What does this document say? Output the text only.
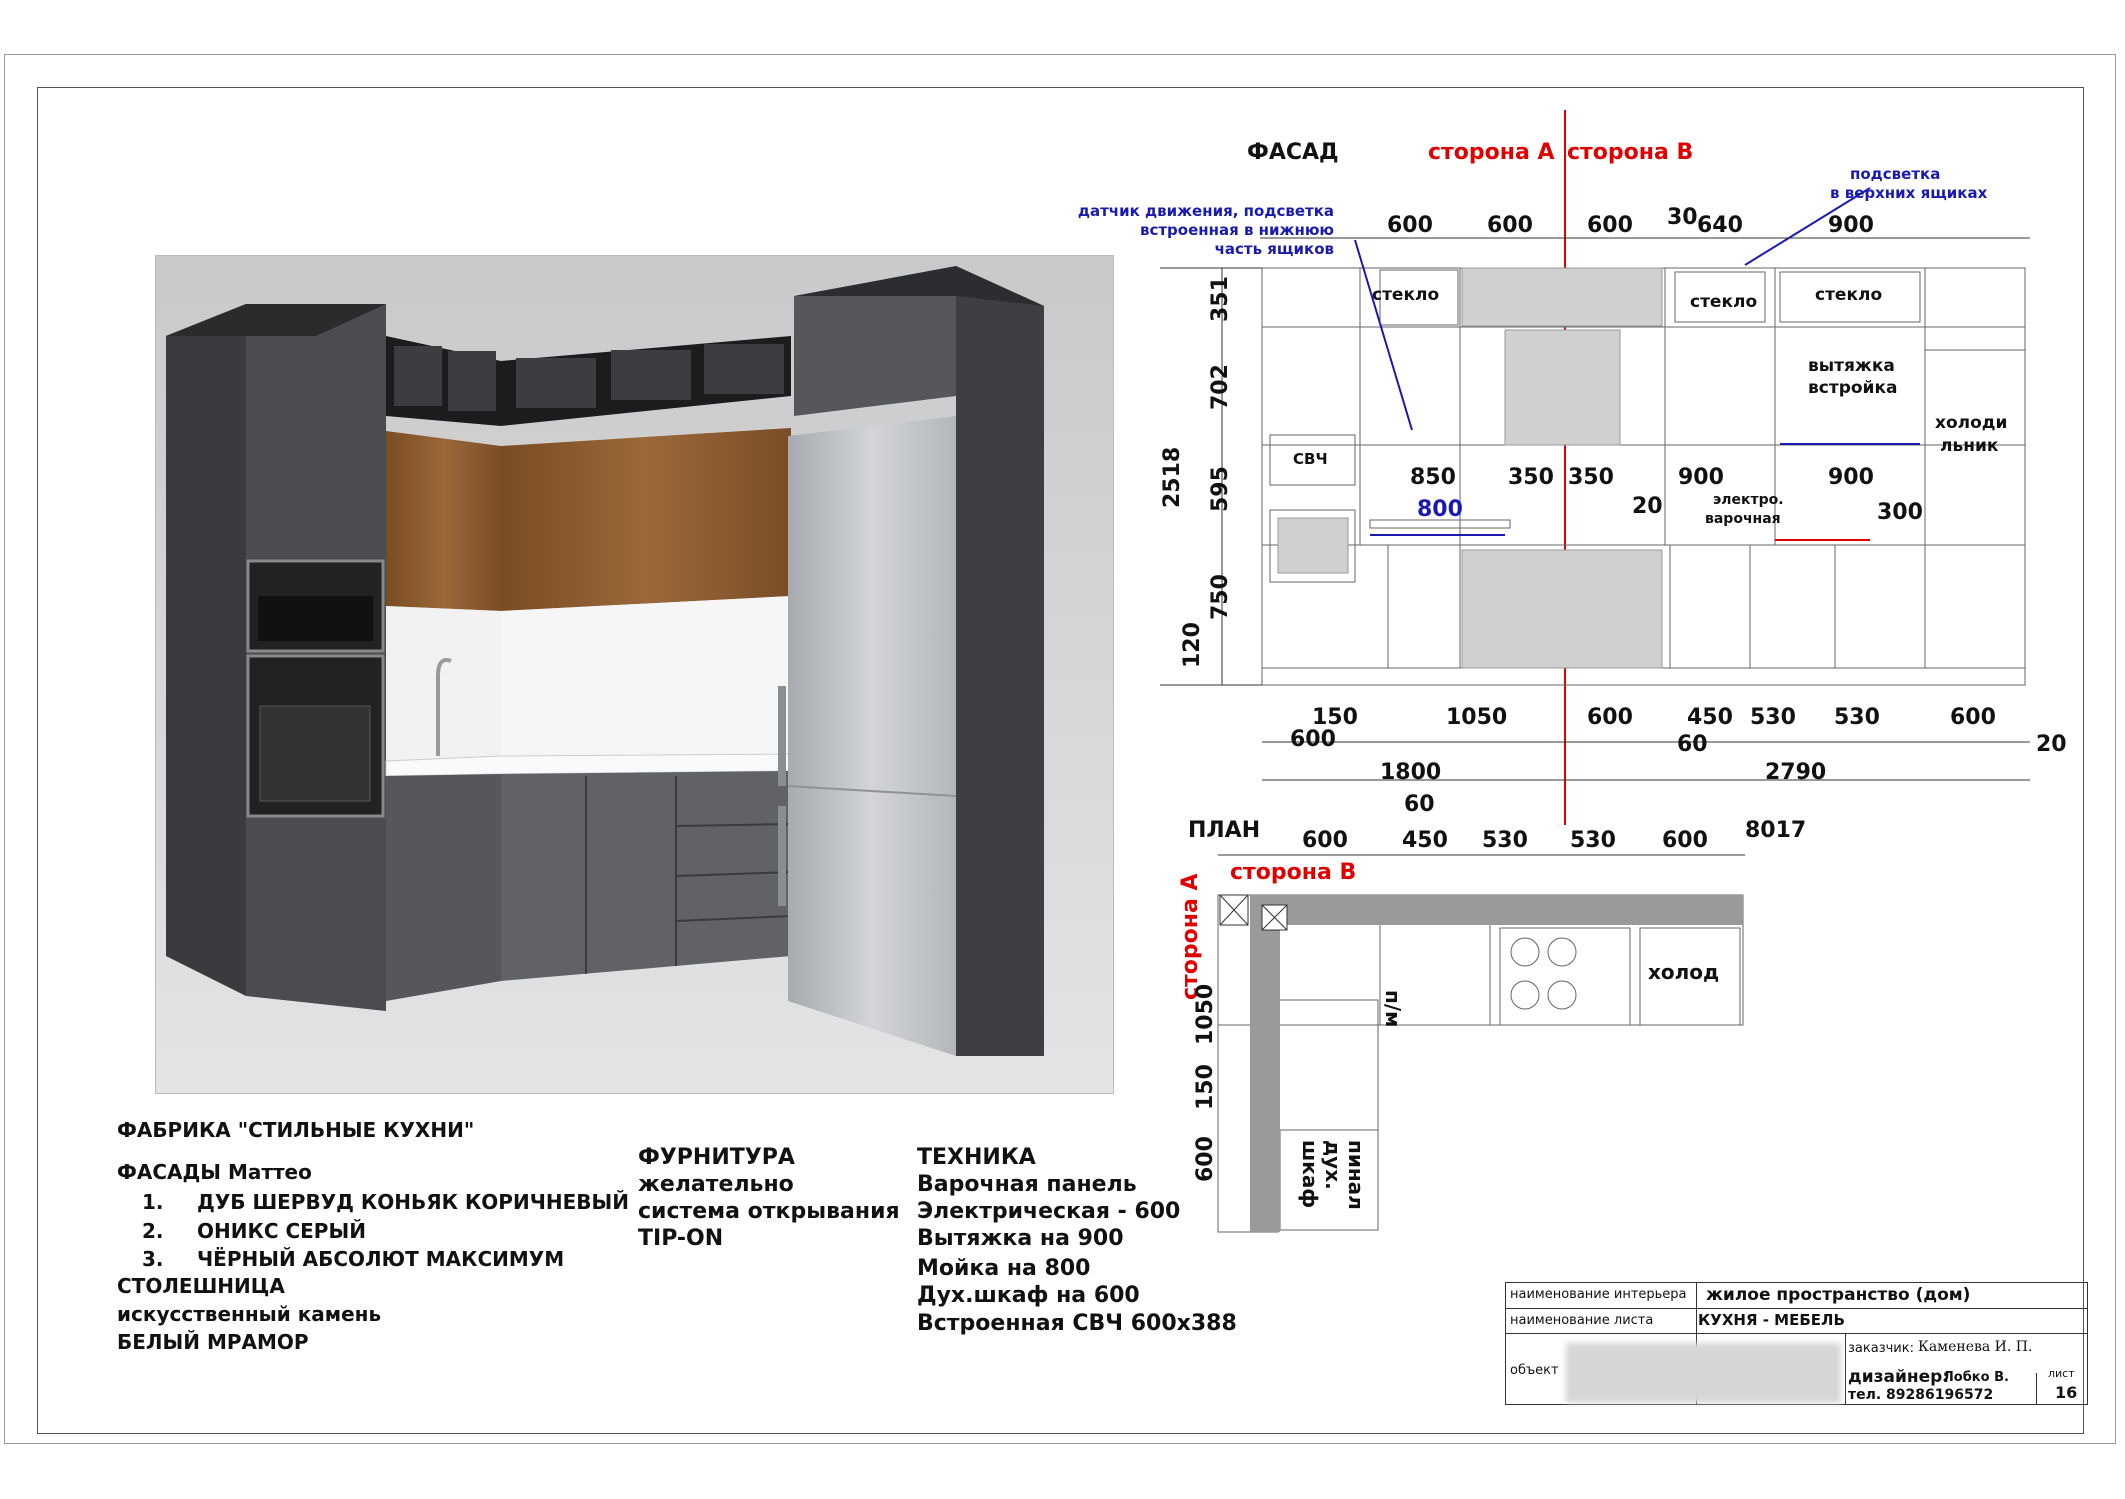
ФАБРИКА "СТИЛЬНЫЕ КУХНИ"
ФАСАДЫ Маттео
1. ДУБ ШЕРВУД КОНЬЯК КОРИЧНЕВЫЙ
2. ОНИКС СЕРЫЙ
3. ЧЁРНЫЙ АБСОЛЮТ МАКСИМУМ
СТОЛЕШНИЦА
искусственный камень
БЕЛЫЙ МРАМОР
ФУРНИТУРА
желательно
система открывания
TIP-ON
ТЕХНИКА
Варочная панель
Электрическая - 600
Вытяжка на 900
Мойка на 800
Дух.шкаф на 600
Встроенная СВЧ 600х388
ФАСАД	сторона А сторона В
датчик движения, подсветка
встроенная в нижнюю
часть ящиков
подсветка
в верхних ящиках
600 600 600 30 640	900
стекло	стекло	стекло
вытяжка
встройка
холоди
льник
СВЧ
850 350 350	900	900
800	20	электро.
варочная	300
351
702
595
750
120
2518
150	1050	600 450 530 530	600
600	60	20
1800	2790
ПЛАН
60
600 450 530 530 600 8017
сторона В
сторона А
п/м
холод
1050
150
600	пинал
дух.
шкаф
наименование интерьера жилое пространство (дом)
наименование листа	КУХНЯ - МЕБЕЛЬ
объект
заказчик: Каменева И. П.
дизайнер:
Лобко В.
тел. 89286196572
лист
16
